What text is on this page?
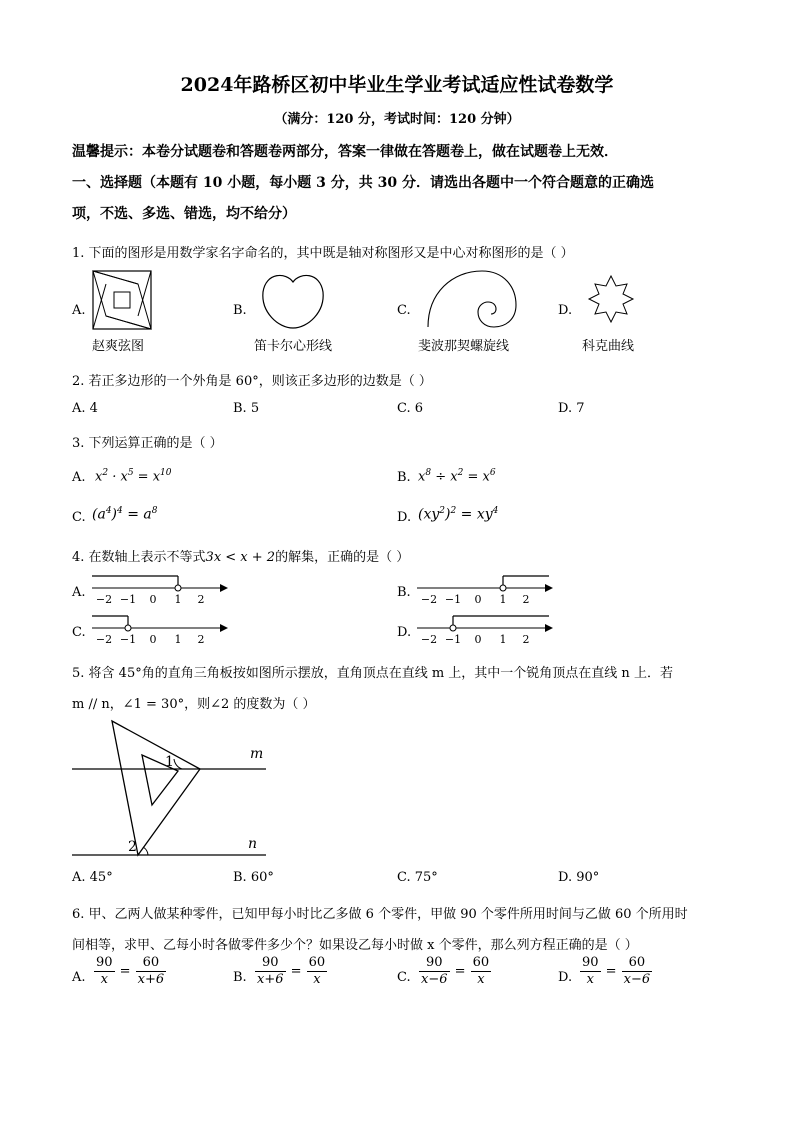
2024年路桥区初中毕业生学业考试适应性试卷数学
（满分：120 分，考试时间：120 分钟）
温馨提示：本卷分试题卷和答题卷两部分，答案一律做在答题卷上，做在试题卷上无效．
一、选择题（本题有 10 小题，每小题 3 分，共 30 分．请选出各题中一个符合题意的正确选
项，不选、多选、错选，均不给分）
1. 下面的图形是用数学家名字命名的，其中既是轴对称图形又是中心对称图形的是（ ）
A.
赵爽弦图
B.
笛卡尔心形线
C.
斐波那契螺旋线
D.
科克曲线
2. 若正多边形的一个外角是 60°，则该正多边形的边数是（ ）
A. 4	B. 5	C. 6	D. 7
3. 下列运算正确的是（ ）
A. $x^2 \cdot x^5 = x^{10}$	B. $x^8 \div x^2 = x^6$
C. $(a^4)^4 = a^8$	D. $(xy^2)^2 = xy^4$
4. 在数轴上表示不等式3x < x + 2的解集，正确的是（ ）
A. −2 −1 0 1 2	B. −2 −1 0 1 2
C. −2 −1 0 1 2	D. −2 −1 0 1 2
5. 将含 45°角的直角三角板按如图所示摆放，直角顶点在直线 m 上，其中一个锐角顶点在直线 n 上．若
m // n，∠1 = 30°，则∠2 的度数为（ ）
m
n
1
2
A. 45°	B. 60°	C. 75°	D. 90°
6. 甲、乙两人做某种零件，已知甲每小时比乙多做 6 个零件，甲做 90 个零件所用时间与乙做 60 个所用时
间相等，求甲、乙每小时各做零件多少个？如果设乙每小时做 x 个零件，那么列方程正确的是（ ）
A. $\frac{90}{x} = \frac{60}{x+6}$	B. $\frac{90}{x+6} = \frac{60}{x}$	C. $\frac{90}{x-6} = \frac{60}{x}$	D. $\frac{90}{x} = \frac{60}{x-6}$
